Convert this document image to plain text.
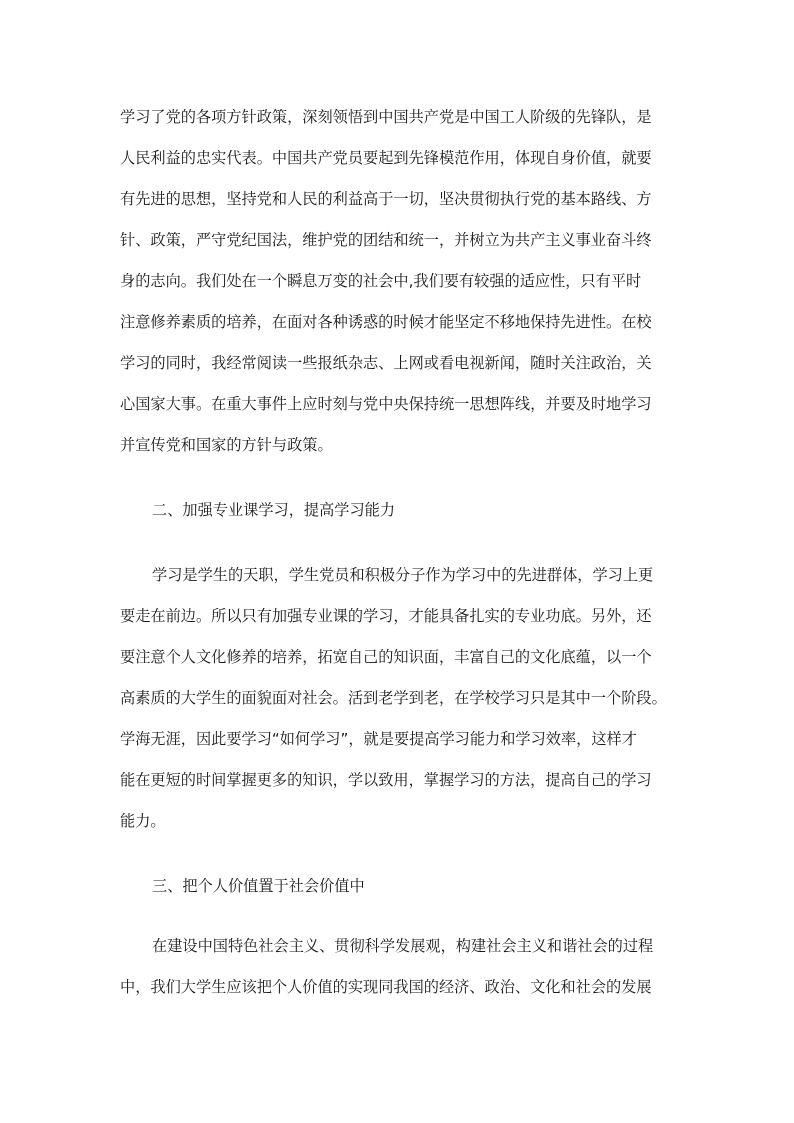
学习了党的各项方针政策，深刻领悟到中国共产党是中国工人阶级的先锋队，是
人民利益的忠实代表。中国共产党员要起到先锋模范作用，体现自身价值，就要
有先进的思想，坚持党和人民的利益高于一切，坚决贯彻执行党的基本路线、方
针、政策，严守党纪国法，维护党的团结和统一，并树立为共产主义事业奋斗终
身的志向。我们处在一个瞬息万变的社会中,我们要有较强的适应性，只有平时
注意修养素质的培养，在面对各种诱惑的时候才能坚定不移地保持先进性。在校
学习的同时，我经常阅读一些报纸杂志、上网或看电视新闻，随时关注政治，关
心国家大事。在重大事件上应时刻与党中央保持统一思想阵线，并要及时地学习
并宣传党和国家的方针与政策。
二、加强专业课学习，提高学习能力
学习是学生的天职，学生党员和积极分子作为学习中的先进群体，学习上更
要走在前边。所以只有加强专业课的学习，才能具备扎实的专业功底。另外，还
要注意个人文化修养的培养，拓宽自己的知识面，丰富自己的文化底蕴，以一个
高素质的大学生的面貌面对社会。活到老学到老，在学校学习只是其中一个阶段。
学海无涯，因此要学习“如何学习”，就是要提高学习能力和学习效率，这样才
能在更短的时间掌握更多的知识，学以致用，掌握学习的方法，提高自己的学习
能力。
三、把个人价值置于社会价值中
在建设中国特色社会主义、贯彻科学发展观，构建社会主义和谐社会的过程
中，我们大学生应该把个人价值的实现同我国的经济、政治、文化和社会的发展
